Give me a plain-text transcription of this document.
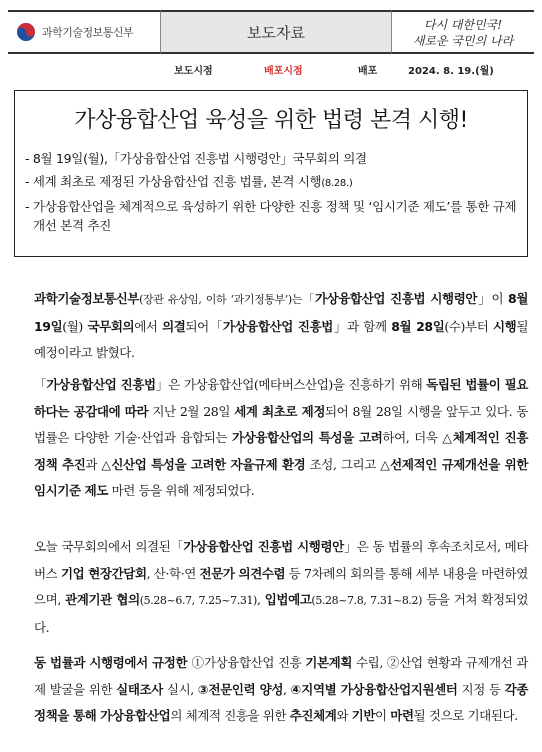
과학기술정보통신부	보도자료	다시 대한민국!
새로운 국민의 나라
보도시점	배포시점	배포	2024. 8. 19.(월)
가상융합산업 육성을 위한 법령 본격 시행!
- 8월 19일(월),「가상융합산업 진흥법 시행령안」국무회의 의결
- 세계 최초로 제정된 가상융합산업 진흥 법률, 본격 시행(8.28.)
- 가상융합산업을 체계적으로 육성하기 위한 다양한 진흥 정책 및 ‘임시기준 제도’를 통한 규제 개선 본격 추진

과학기술정보통신부(장관 유상임, 이하 ‘과기정통부’)는「가상융합산업 진흥법 시행령안」이 8월 19일(월) 국무회의에서 의결되어「가상융합산업 진흥법」과 함께 8월 28일(수)부터 시행될 예정이라고 밝혔다.

「가상융합산업 진흥법」은 가상융합산업(메타버스산업)을 진흥하기 위해 독립된 법률이 필요하다는 공감대에 따라 지난 2월 28일 세계 최초로 제정되어 8월 28일 시행을 앞두고 있다. 동 법률은 다양한 기술·산업과 융합되는 가상융합산업의 특성을 고려하여, 더욱 △체계적인 진흥 정책 추진과 △신산업 특성을 고려한 자율규제 환경 조성, 그리고 △선제적인 규제개선을 위한 임시기준 제도 마련 등을 위해 제정되었다.

오늘 국무회의에서 의결된「가상융합산업 진흥법 시행령안」은 동 법률의 후속조치로서, 메타버스 기업 현장간담회, 산·학·연 전문가 의견수렴 등 7차례의 회의를 통해 세부 내용을 마련하였으며, 관계기관 협의(5.28~6.7, 7.25~7.31), 입법예고(5.28~7.8, 7.31~8.2) 등을 거쳐 확정되었다.

동 법률과 시행령에서 규정한 ①가상융합산업 진흥 기본계획 수립, ②산업 현황과 규제개선 과제 발굴을 위한 실태조사 실시, ③전문인력 양성, ④지역별 가상융합산업지원센터 지정 등 각종 정책을 통해 가상융합산업의 체계적 진흥을 위한 추진체계와 기반이 마련될 것으로 기대된다.
